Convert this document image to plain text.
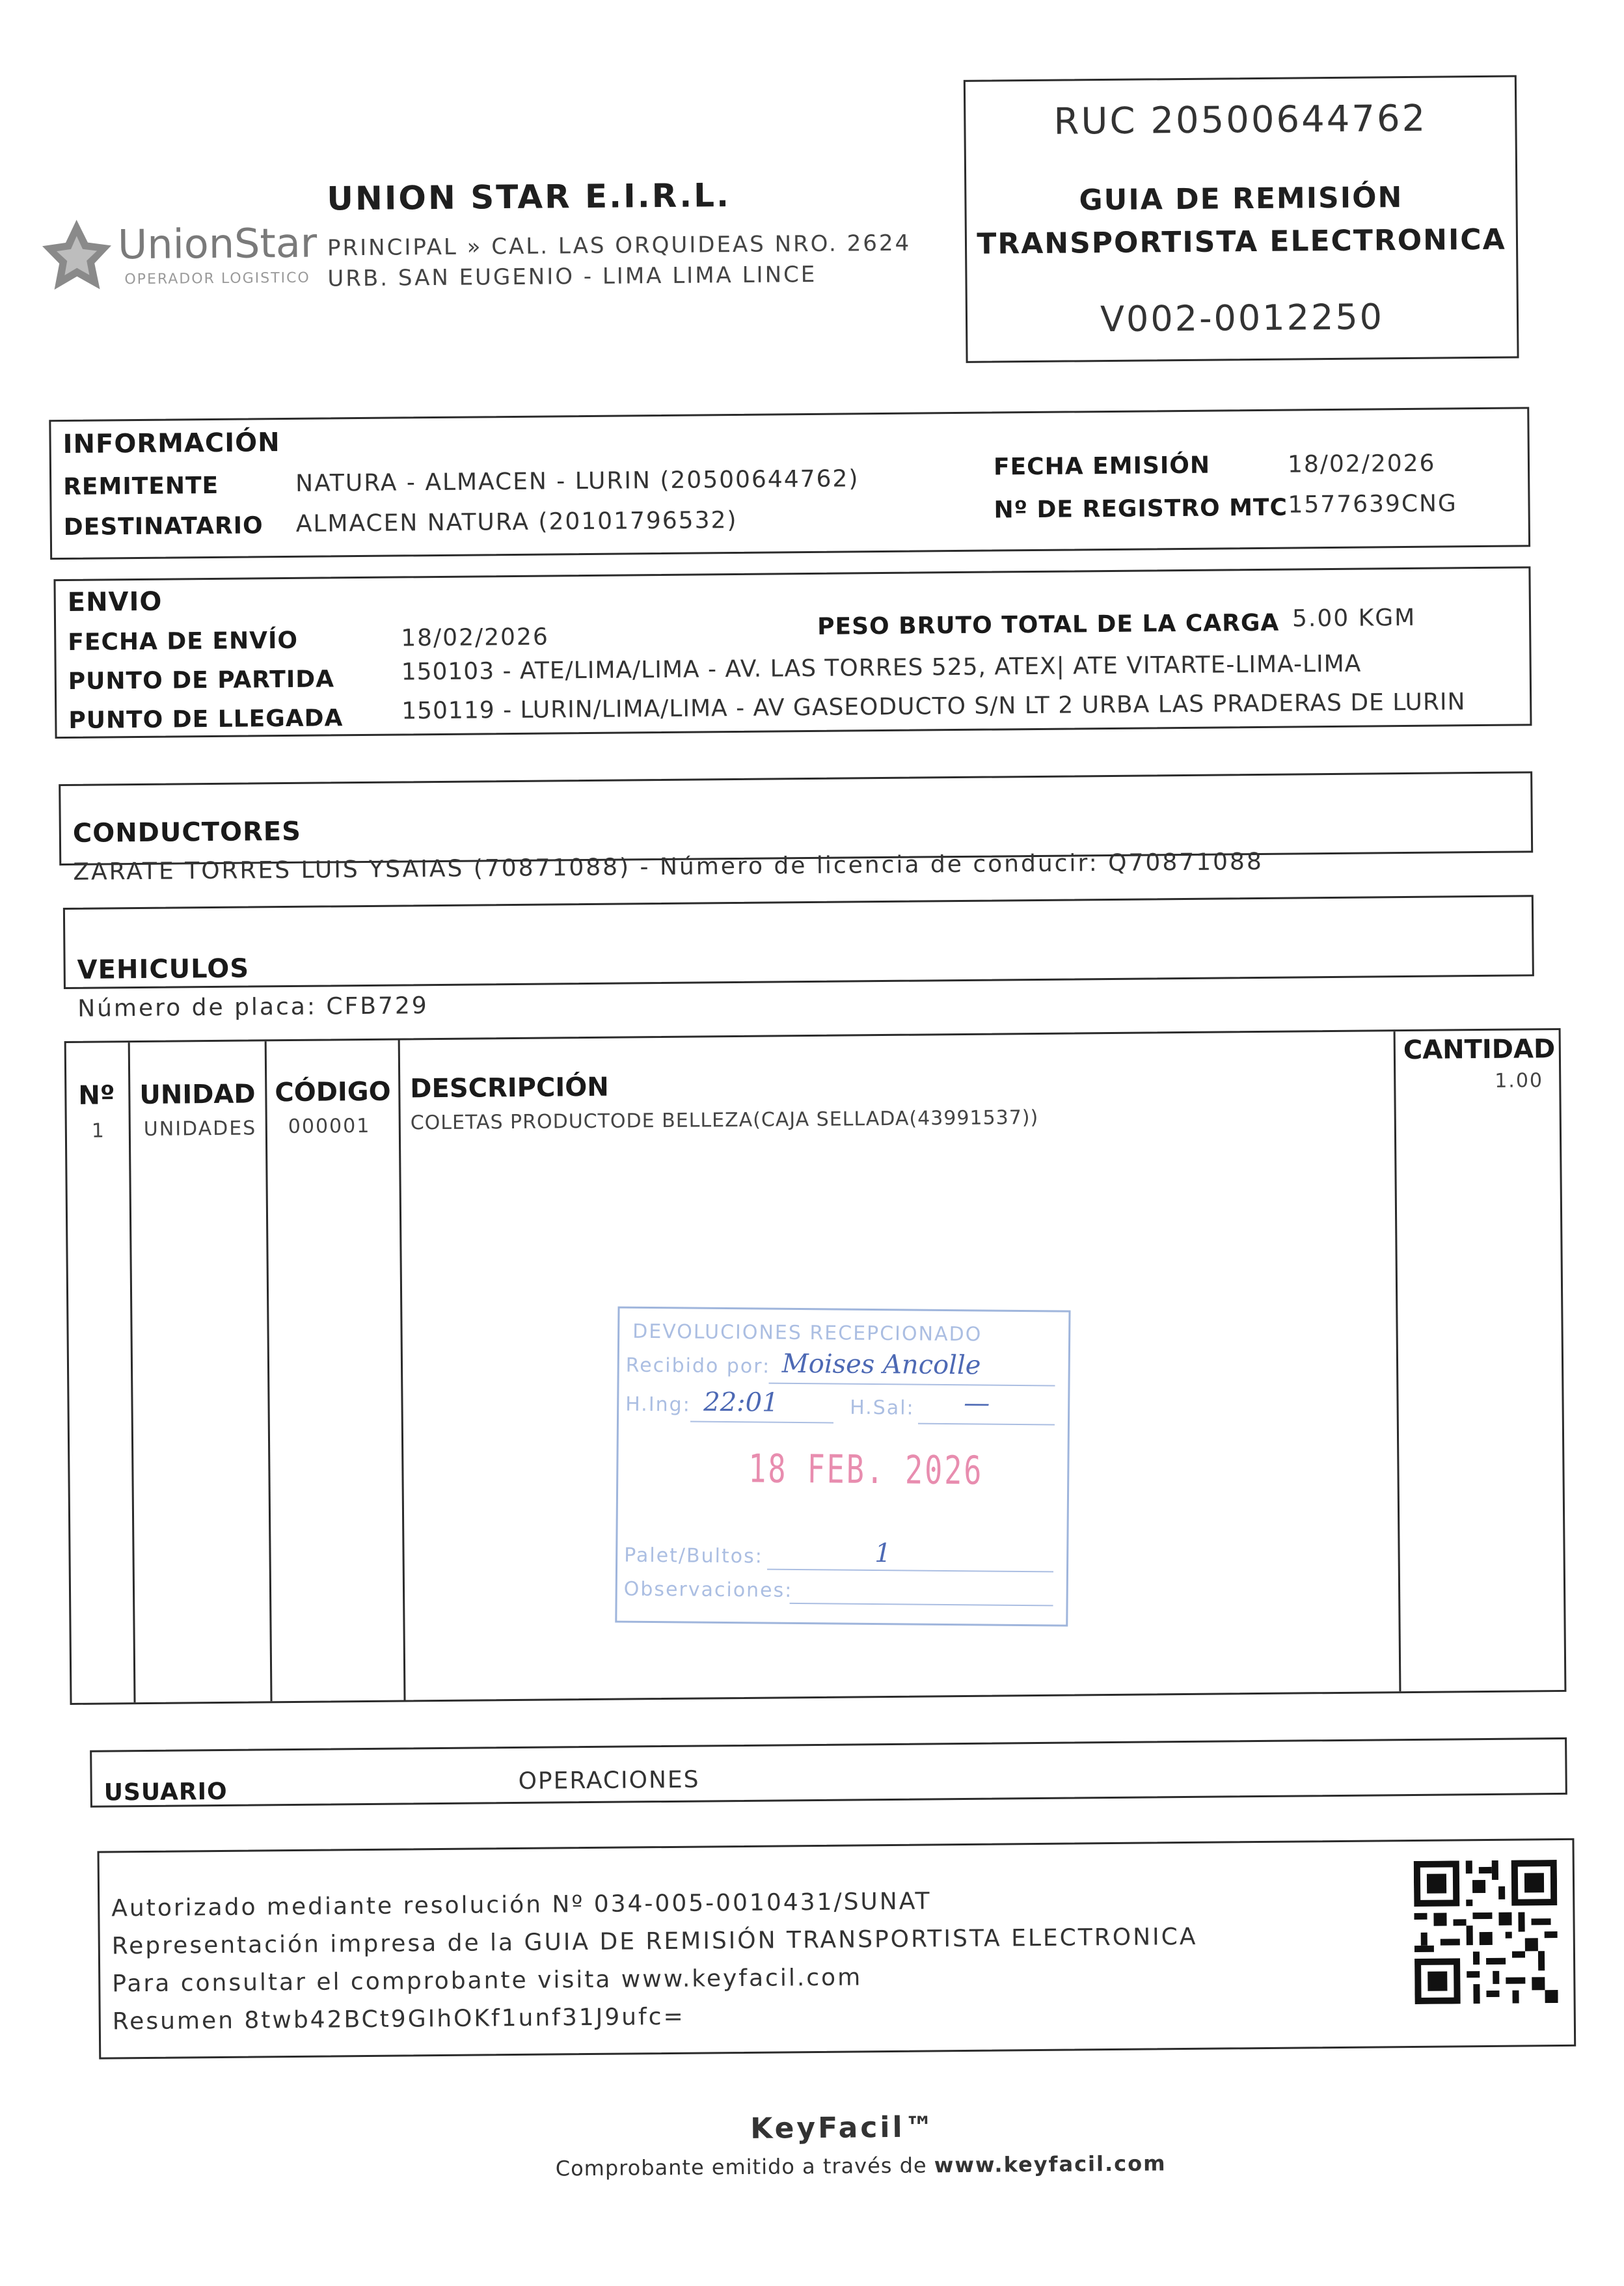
UnionStar
OPERADOR LOGISTICO
UNION STAR E.I.R.L.
PRINCIPAL » CAL. LAS ORQUIDEAS NRO. 2624
URB. SAN EUGENIO - LIMA LIMA LINCE
RUC 20500644762
GUIA DE REMISIÓN
TRANSPORTISTA ELECTRONICA
V002-0012250
INFORMACIÓN
REMITENTE	NATURA - ALMACEN - LURIN (20500644762)
DESTINATARIO ALMACEN NATURA (20101796532)
FECHA EMISIÓN	18/02/2026
Nº DE REGISTRO MTC 1577639CNG
ENVIO
FECHA DE ENVÍO	18/02/2026	PESO BRUTO TOTAL DE LA CARGA 5.00 KGM
PUNTO DE PARTIDA	150103 - ATE/LIMA/LIMA - AV. LAS TORRES 525, ATEX| ATE VITARTE-LIMA-LIMA
PUNTO DE LLEGADA 150119 - LURIN/LIMA/LIMA - AV GASEODUCTO S/N LT 2 URBA LAS PRADERAS DE LURIN
CONDUCTORES
ZARATE TORRES LUIS YSAIAS (70871088) - Número de licencia de conducir: Q70871088
VEHICULOS
Número de placa: CFB729
Nº UNIDAD CÓDIGO DESCRIPCIÓN
CANTIDAD
1 UNIDADES 000001 COLETAS PRODUCTODE BELLEZA(CAJA SELLADA(43991537))
1.00
DEVOLUCIONES RECEPCIONADO
Recibido por: Moises Ancolle
H.Ing: 22:01	H.Sal: —
18 FEB. 2026
Palet/Bultos:	1
Observaciones:
USUARIO	OPERACIONES
Autorizado mediante resolución Nº 034-005-0010431/SUNAT
Representación impresa de la GUIA DE REMISIÓN TRANSPORTISTA ELECTRONICA
Para consultar el comprobante visita www.keyfacil.com
Resumen 8twb42BCt9GIhOKf1unf31J9ufc=
KeyFacil™
Comprobante emitido a través de www.keyfacil.com
